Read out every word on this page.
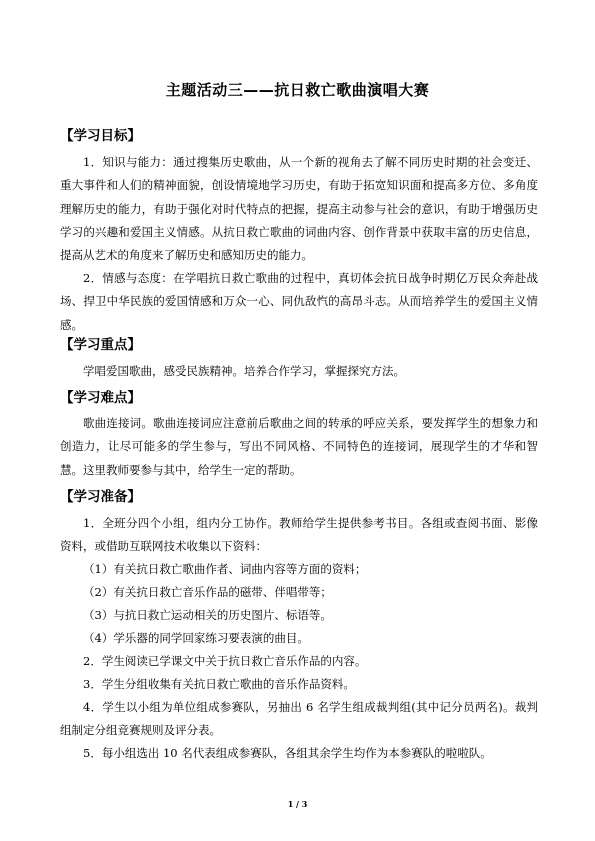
主题活动三——抗日救亡歌曲演唱大赛
【学习目标】

1．知识与能力：通过搜集历史歌曲，从一个新的视角去了解不同历史时期的社会变迁、重大事件和人们的精神面貌，创设情境地学习历史，有助于拓宽知识面和提高多方位、多角度理解历史的能力，有助于强化对时代特点的把握，提高主动参与社会的意识，有助于增强历史学习的兴趣和爱国主义情感。从抗日救亡歌曲的词曲内容、创作背景中获取丰富的历史信息，提高从艺术的角度来了解历史和感知历史的能力。

2．情感与态度：在学唱抗日救亡歌曲的过程中，真切体会抗日战争时期亿万民众奔赴战场、捍卫中华民族的爱国情感和万众一心、同仇敌忾的高昂斗志。从而培养学生的爱国主义情感。

【学习重点】

学唱爱国歌曲，感受民族精神。培养合作学习，掌握探究方法。

【学习难点】

歌曲连接词。歌曲连接词应注意前后歌曲之间的转承的呼应关系，要发挥学生的想象力和创造力，让尽可能多的学生参与，写出不同风格、不同特色的连接词，展现学生的才华和智慧。这里教师要参与其中，给学生一定的帮助。

【学习准备】

1．全班分四个小组，组内分工协作。教师给学生提供参考书目。各组或查阅书面、影像资料，或借助互联网技术收集以下资料：

（1）有关抗日救亡歌曲作者、词曲内容等方面的资料；
（2）有关抗日救亡音乐作品的磁带、伴唱带等；
（3）与抗日救亡运动相关的历史图片、标语等。
（4）学乐器的同学回家练习要表演的曲目。

2．学生阅读已学课文中关于抗日救亡音乐作品的内容。

3．学生分组收集有关抗日救亡歌曲的音乐作品资料。

4．学生以小组为单位组成参赛队，另抽出 6 名学生组成裁判组(其中记分员两名)。裁判组制定分组竞赛规则及评分表。

5．每小组选出 10 名代表组成参赛队，各组其余学生均作为本参赛队的啦啦队。

1 / 3
